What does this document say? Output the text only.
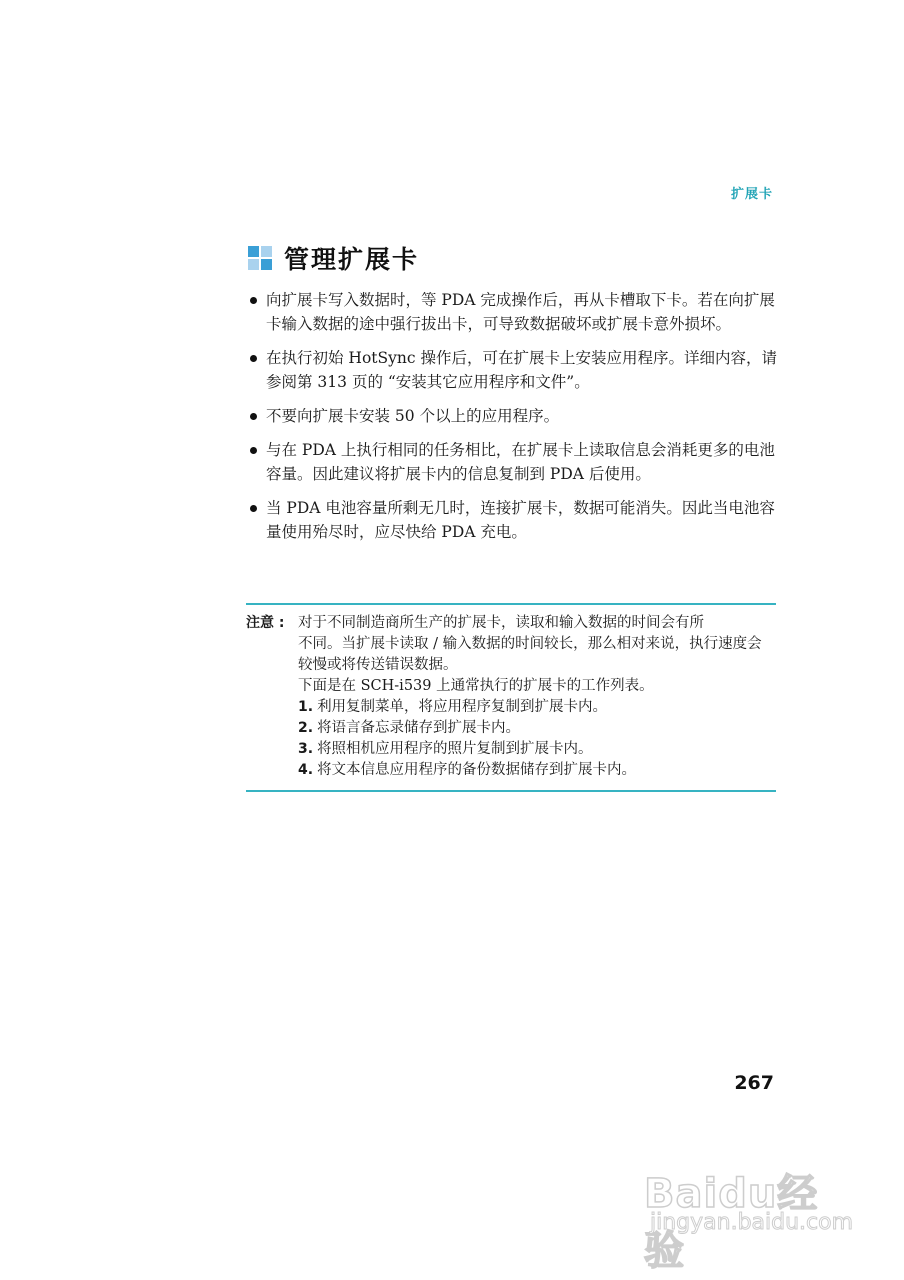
扩展卡
管理扩展卡
向扩展卡写入数据时，等 PDA 完成操作后，再从卡槽取下卡。若在向扩展卡输入数据的途中强行拔出卡，可导致数据破坏或扩展卡意外损坏。
在执行初始 HotSync 操作后，可在扩展卡上安装应用程序。详细内容，请参阅第 313 页的 “安装其它应用程序和文件”。
不要向扩展卡安装 50 个以上的应用程序。
与在 PDA 上执行相同的任务相比，在扩展卡上读取信息会消耗更多的电池容量。因此建议将扩展卡内的信息复制到 PDA 后使用。
当 PDA 电池容量所剩无几时，连接扩展卡，数据可能消失。因此当电池容量使用殆尽时，应尽快给 PDA 充电。
注意 : 对于不同制造商所生产的扩展卡，读取和输入数据的时间会有所
不同。当扩展卡读取 / 输入数据的时间较长，那么相对来说，执行速度会较慢或将传送错误数据。
下面是在 SCH-i539 上通常执行的扩展卡的工作列表。
1. 利用复制菜单，将应用程序复制到扩展卡内。
2. 将语言备忘录储存到扩展卡内。
3. 将照相机应用程序的照片复制到扩展卡内。
4. 将文本信息应用程序的备份数据储存到扩展卡内。
267
Baidu经验
jingyan.baidu.com
